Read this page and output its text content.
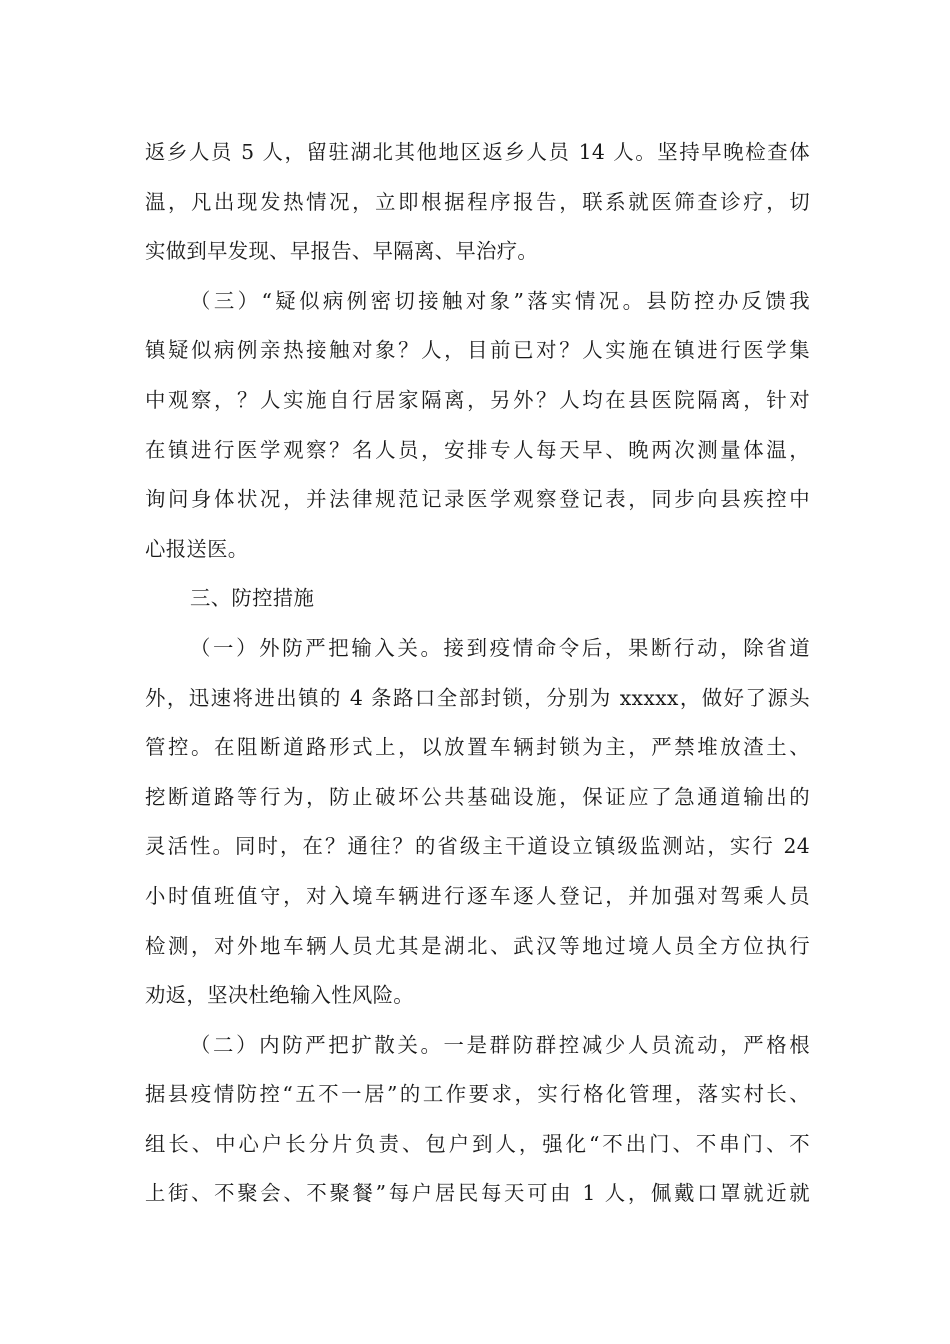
返乡人员 5 人，留驻湖北其他地区返乡人员 14 人。坚持早晚检查体
温，凡出现发热情况，立即根据程序报告，联系就医筛查诊疗，切
实做到早发现、早报告、早隔离、早治疗。
（三）“疑似病例密切接触对象”落实情况。县防控办反馈我
镇疑似病例亲热接触对象？人，目前已对？人实施在镇进行医学集
中观察，？人实施自行居家隔离，另外？人均在县医院隔离，针对
在镇进行医学观察？名人员，安排专人每天早、晚两次测量体温，
询问身体状况，并法律规范记录医学观察登记表，同步向县疾控中
心报送医。
三、防控措施
（一）外防严把输入关。接到疫情命令后，果断行动，除省道
外，迅速将进出镇的 4 条路口全部封锁，分别为 xxxxx，做好了源头
管控。在阻断道路形式上，以放置车辆封锁为主，严禁堆放渣土、
挖断道路等行为，防止破坏公共基础设施，保证应了急通道输出的
灵活性。同时，在？通往？的省级主干道设立镇级监测站，实行 24
小时值班值守，对入境车辆进行逐车逐人登记，并加强对驾乘人员
检测，对外地车辆人员尤其是湖北、武汉等地过境人员全方位执行
劝返，坚决杜绝输入性风险。
（二）内防严把扩散关。一是群防群控减少人员流动，严格根
据县疫情防控“五不一居”的工作要求，实行格化管理，落实村长、
组长、中心户长分片负责、包户到人，强化“不出门、不串门、不
上街、不聚会、不聚餐”每户居民每天可由 1 人，佩戴口罩就近就
